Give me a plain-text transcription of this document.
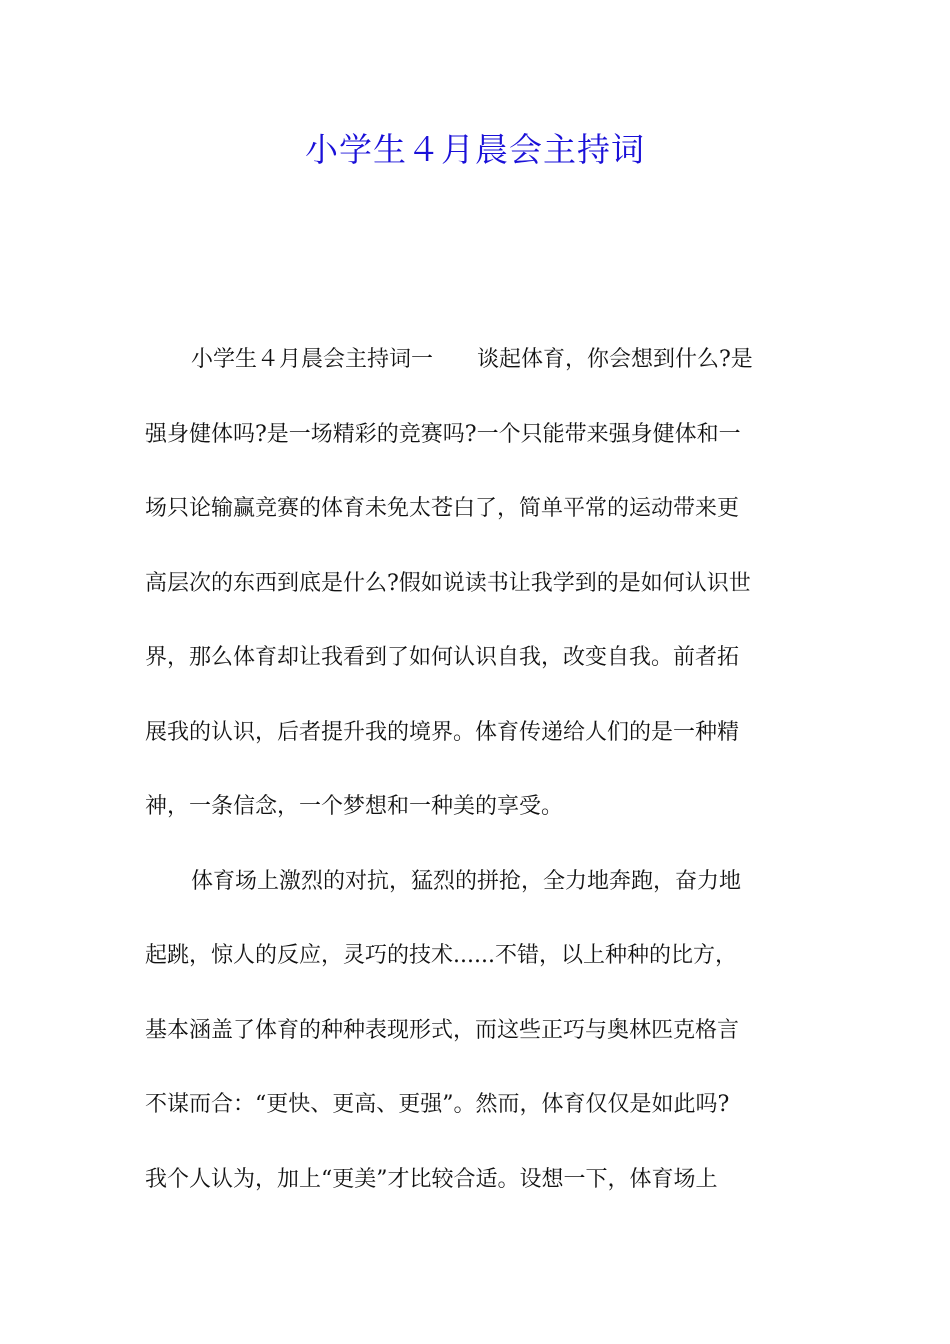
小学生４月晨会主持词
小学生４月晨会主持词一　　谈起体育，你会想到什么?是
强身健体吗?是一场精彩的竞赛吗?一个只能带来强身健体和一
场只论输赢竞赛的体育未免太苍白了，简单平常的运动带来更
高层次的东西到底是什么?假如说读书让我学到的是如何认识世
界，那么体育却让我看到了如何认识自我，改变自我。前者拓
展我的认识，后者提升我的境界。体育传递给人们的是一种精
神，一条信念，一个梦想和一种美的享受。
体育场上激烈的对抗，猛烈的拼抢，全力地奔跑，奋力地
起跳，惊人的反应，灵巧的技术......不错，以上种种的比方，
基本涵盖了体育的种种表现形式，而这些正巧与奥林匹克格言
不谋而合：“更快、更高、更强”。然而，体育仅仅是如此吗?
我个人认为，加上“更美”才比较合适。设想一下，体育场上
